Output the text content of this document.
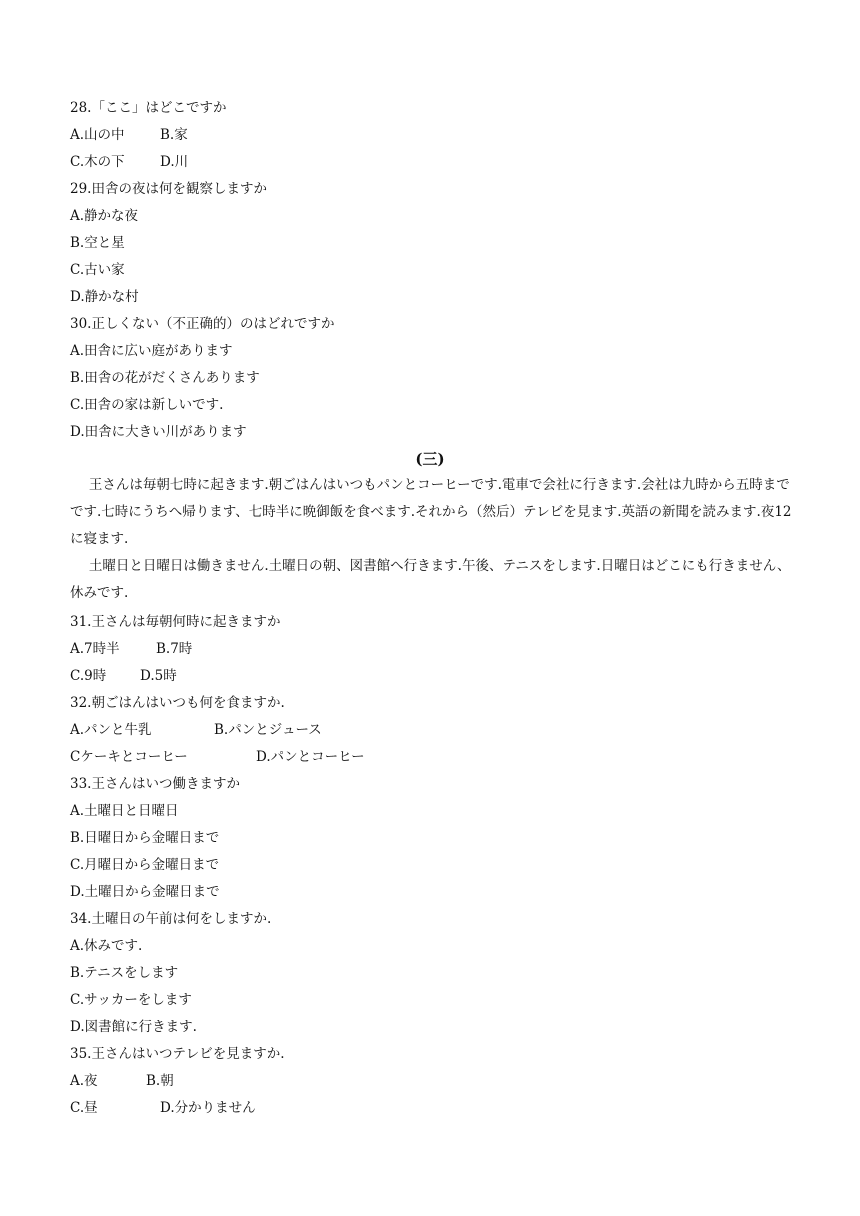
28.「ここ」はどこですか
A.山の中	B.家
C.木の下	D.川
29.田舎の夜は何を観察しますか
A.静かな夜
B.空と星
C.古い家
D.静かな村
30.正しくない（不正确的）のはどれですか
A.田舎に広い庭があります
B.田舎の花がだくさんあります
C.田舎の家は新しいです.
D.田舎に大きい川があります
(三)
王さんは毎朝七時に起きます.朝ごはんはいつもパンとコーヒーです.電車で会社に行きます.会社は九時から五時までです.七時にうちへ帰ります、七時半に晩御飯を食べます.それから（然后）テレビを見ます.英語の新聞を読みます.夜12に寝ます.
土曜日と日曜日は働きません.土曜日の朝、図書館へ行きます.午後、テニスをします.日曜日はどこにも行きません、休みです.
31.王さんは毎朝何時に起きますか
A.7時半	B.7時
C.9時	D.5時
32.朝ごはんはいつも何を食ますか.
A.パンと牛乳	B.パンとジュース
Cケーキとコーヒー	D.パンとコーヒー
33.王さんはいつ働きますか
A.土曜日と日曜日
B.日曜日から金曜日まで
C.月曜日から金曜日まで
D.土曜日から金曜日まで
34.土曜日の午前は何をしますか.
A.休みです.
B.テニスをします
C.サッカーをします
D.図書館に行きます.
35.王さんはいつテレビを見ますか.
A.夜	B.朝
C.昼	D.分かりません
